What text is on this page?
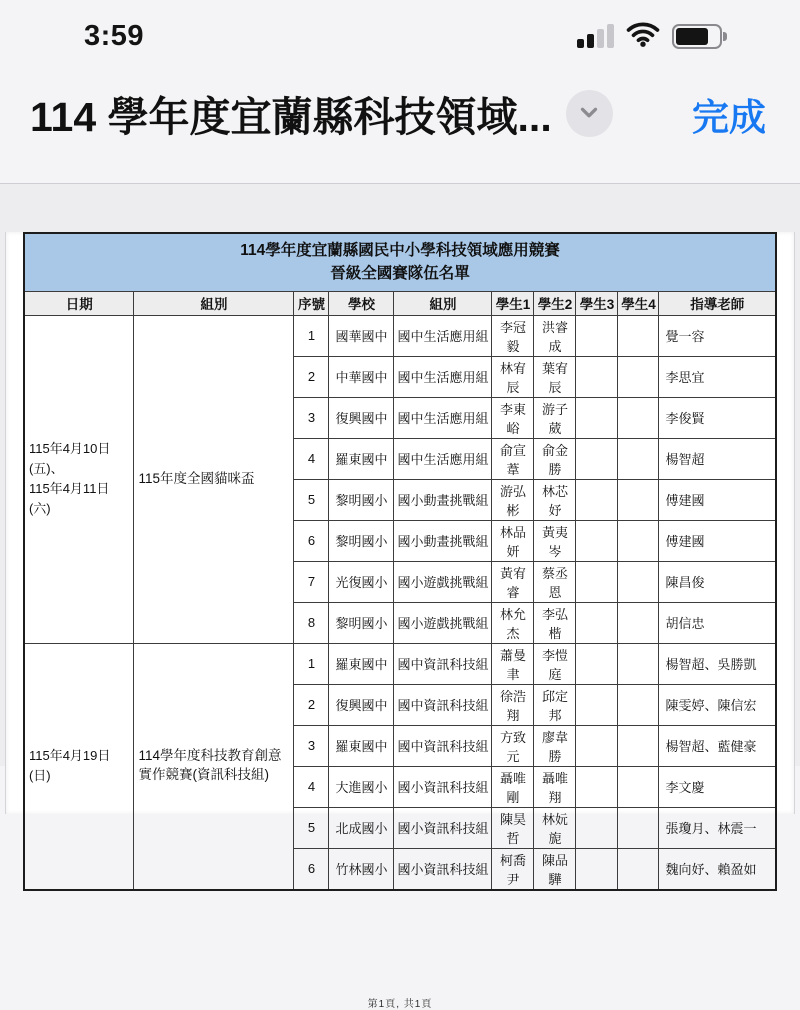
3:59
114 學年度宜蘭縣科技領域...	完成
114學年度宜蘭縣國民中小學科技領域應用競賽
晉級全國賽隊伍名單									

日期	組別	序號	學校	組別	學生1	學生2	學生3	學生4	指導老師

115年4月10日(五)、
115年4月11日(六)	115年度全國貓咪盃	1	國華國中	國中生活應用組	李冠毅	洪睿成			覺一容
		2	中華國中	國中生活應用組	林宥辰	葉宥辰			李思宜
		3	復興國中	國中生活應用組	李東峪	游子葳			李俊賢
		4	羅東國中	國中生活應用組	俞宣葦	俞金勝			楊智超
		5	黎明國小	國小動畫挑戰組	游弘彬	林芯妤			傅建國
		6	黎明國小	國小動畫挑戰組	林品妍	黃夷岑			傅建國
		7	光復國小	國小遊戲挑戰組	黃宥睿	蔡丞恩			陳昌俊
		8	黎明國小	國小遊戲挑戰組	林允杰	李弘楷			胡信忠

115年4月19日(日)	114學年度科技教育創意實作競賽(資訊科技組)	1	羅東國中	國中資訊科技組	蕭曼聿	李愷庭			楊智超、吳勝凱
		2	復興國中	國中資訊科技組	徐浩翔	邱定邦			陳雯婷、陳信宏
		3	羅東國中	國中資訊科技組	方致元	廖韋勝			楊智超、藍健豪
		4	大進國小	國小資訊科技組	聶唯剛	聶唯翔			李文慶
		5	北成國小	國小資訊科技組	陳昊哲	林妧旎			張瓊月、林震一
		6	竹林國小	國小資訊科技組	柯喬尹	陳品驊			魏向妤、賴盈如
第1頁, 共1頁
